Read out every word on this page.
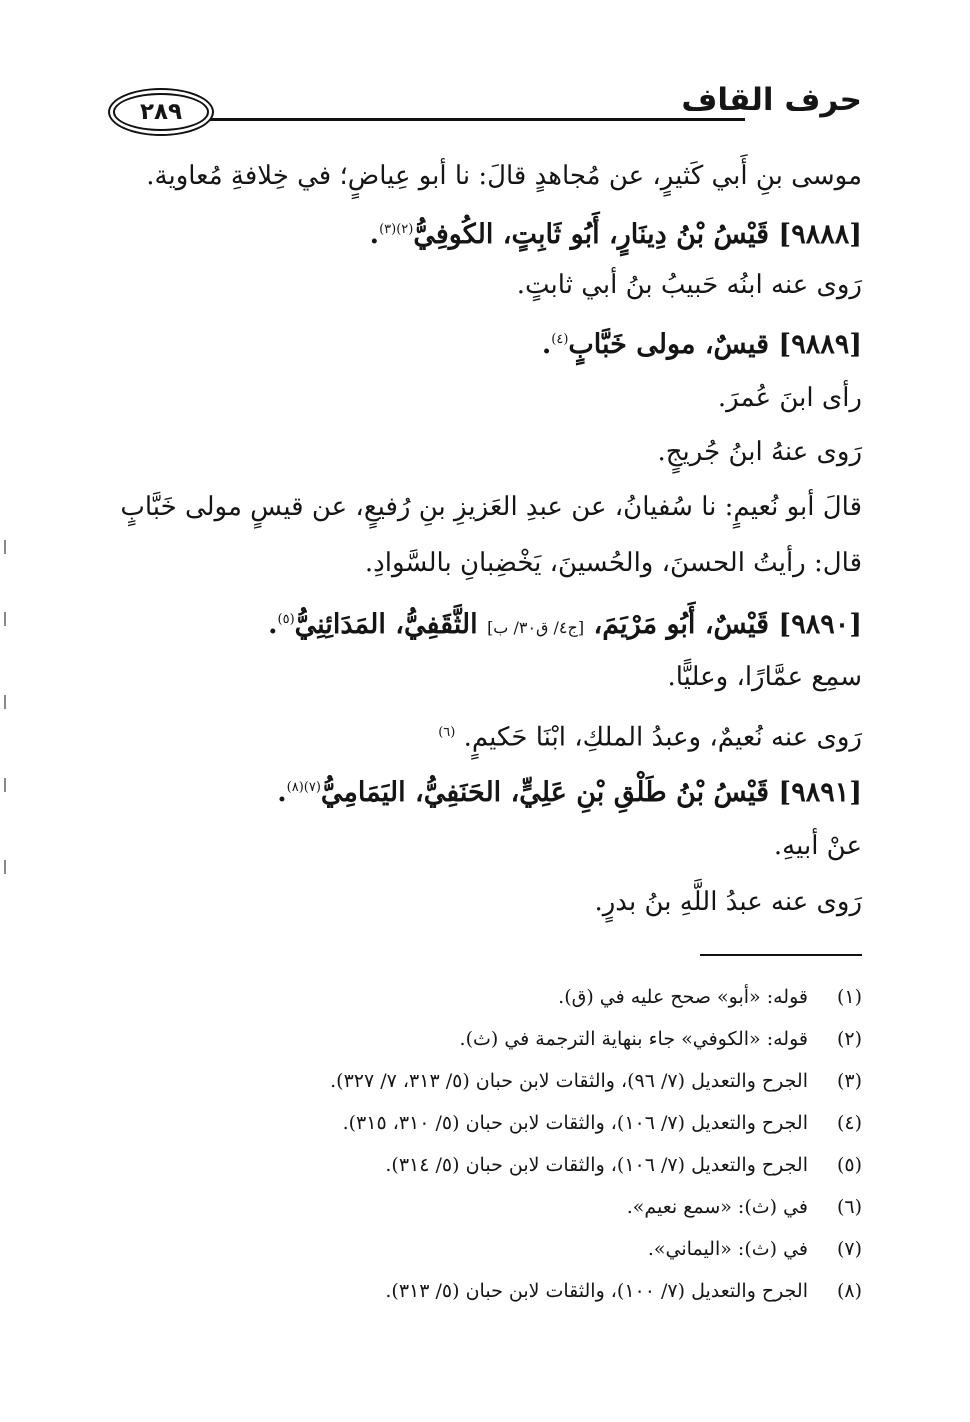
حرف القاف
٢٨٩
موسى بنِ أَبي كَثيرٍ، عن مُجاهدٍ قالَ: نا أبو عِياضٍ؛ في خِلافةِ مُعاوية.
[٩٨٨٨] قَيْسُ بْنُ دِينَارٍ، أَبُو ثَابِتٍ، الكُوفِيُّ$^{(٢)(٣)}$.
رَوى عنه ابنُه حَبيبُ بنُ أبي ثابتٍ.
[٩٨٨٩] قيسٌ، مولى خَبَّابٍ$^{(٤)}$.
رأى ابنَ عُمرَ.
رَوى عنهُ ابنُ جُريجٍ.
قالَ أبو نُعيمٍ: نا سُفيانُ، عن عبدِ العَزيزِ بنِ رُفيعٍ، عن قيسٍ مولى خَبَّابٍ
قال: رأيتُ الحسنَ، والحُسينَ، يَخْضِبانِ بالسَّوادِ.
[٩٨٩٠] قَيْسٌ، أَبُو مَرْيَمَ، [ج٤/ ق٣٠/ ب] الثَّقَفِيُّ، المَدَائِنِيُّ$^{(٥)}$.
سمِع عمَّارًا، وعليًّا.
رَوى عنه نُعيمٌ، وعبدُ الملكِ، ابْنَا حَكيمٍ. $^{(٦)}$
[٩٨٩١] قَيْسُ بْنُ طَلْقِ بْنِ عَلِيٍّ، الحَنَفِيُّ، اليَمَامِيُّ$^{(٧)(٨)}$.
عنْ أبيهِ.
رَوى عنه عبدُ اللَّهِ بنُ بدرٍ.
(١)
قوله: «أبو» صحح عليه في (ق).
(٢)
قوله: «الكوفي» جاء بنهاية الترجمة في (ث).
(٣)
الجرح والتعديل (٧/ ٩٦)، والثقات لابن حبان (٥/ ٣١٣، ٧/ ٣٢٧).
(٤)
الجرح والتعديل (٧/ ١٠٦)، والثقات لابن حبان (٥/ ٣١٠، ٣١٥).
(٥)
الجرح والتعديل (٧/ ١٠٦)، والثقات لابن حبان (٥/ ٣١٤).
(٦)
في (ث): «سمع نعيم».
(٧)
في (ث): «اليماني».
(٨)
الجرح والتعديل (٧/ ١٠٠)، والثقات لابن حبان (٥/ ٣١٣).
